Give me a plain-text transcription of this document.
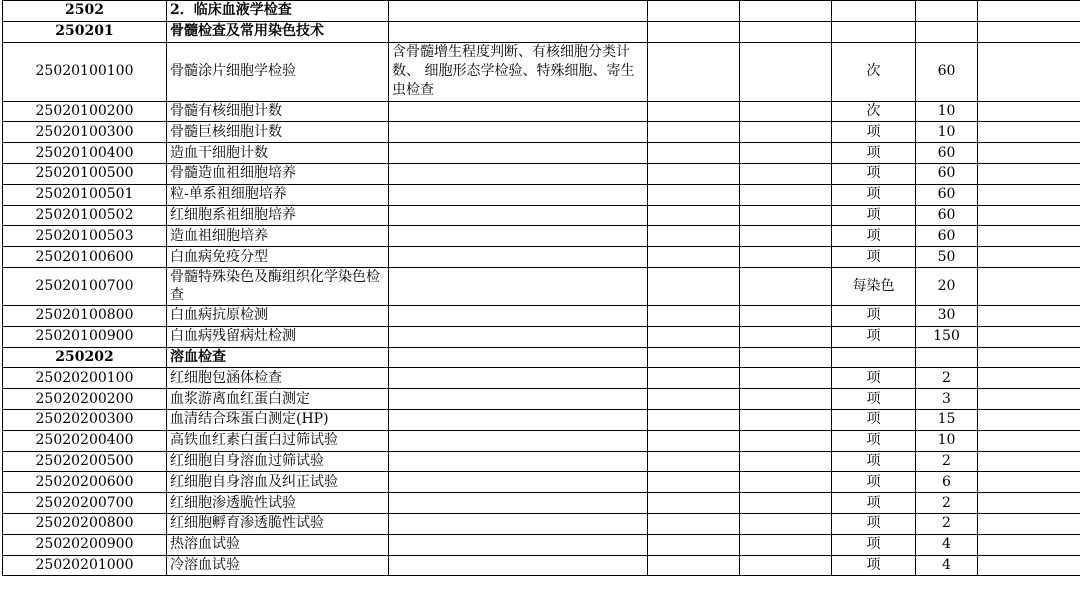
2502	2．临床血液学检查						
250201	骨髓检查及常用染色技术						
25020100100	骨髓涂片细胞学检验	含骨髓增生程度判断、有核细胞分类计数、 细胞形态学检验、特殊细胞、寄生虫检查			次	60	
25020100200	骨髓有核细胞计数				次	10	
25020100300	骨髓巨核细胞计数				项	10	
25020100400	造血干细胞计数				项	60	
25020100500	骨髓造血祖细胞培养				项	60	
25020100501	粒-单系祖细胞培养				项	60	
25020100502	红细胞系祖细胞培养				项	60	
25020100503	造血祖细胞培养				项	60	
25020100600	白血病免疫分型				项	50	
25020100700	骨髓特殊染色及酶组织化学染色检查				每染色	20	
25020100800	白血病抗原检测				项	30	
25020100900	白血病残留病灶检测				项	150	
250202	溶血检查						
25020200100	红细胞包涵体检查				项	2	
25020200200	血浆游离血红蛋白测定				项	3	
25020200300	血清结合珠蛋白测定(HP)				项	15	
25020200400	高铁血红素白蛋白过筛试验				项	10	
25020200500	红细胞自身溶血过筛试验				项	2	
25020200600	红细胞自身溶血及纠正试验				项	6	
25020200700	红细胞渗透脆性试验				项	2	
25020200800	红细胞孵育渗透脆性试验				项	2	
25020200900	热溶血试验				项	4	
25020201000	冷溶血试验				项	4	
